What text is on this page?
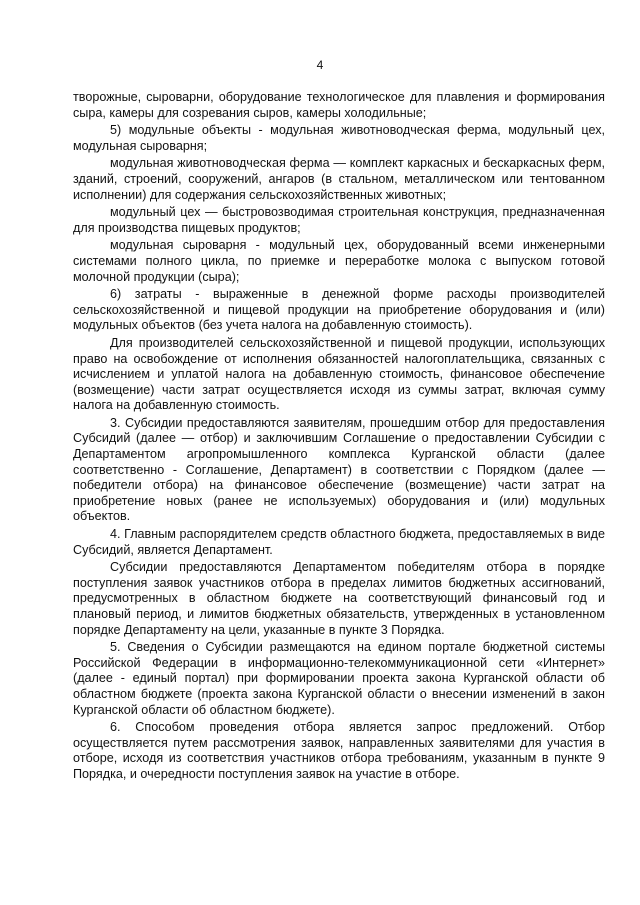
4

творожные, сыроварни, оборудование технологическое для плавления и формирования сыра, камеры для созревания сыров, камеры холодильные;

5) модульные объекты - модульная животноводческая ферма, модульный цех, модульная сыроварня;

модульная животноводческая ферма — комплект каркасных и бескаркасных ферм, зданий, строений, сооружений, ангаров (в стальном, металлическом или тентованном исполнении) для содержания сельскохозяйственных животных;

модульный цех — быстровозводимая строительная конструкция, предназначенная для производства пищевых продуктов;

модульная сыроварня - модульный цех, оборудованный всеми инженерными системами полного цикла, по приемке и переработке молока с выпуском готовой молочной продукции (сыра);

6) затраты - выраженные в денежной форме расходы производителей сельскохозяйственной и пищевой продукции на приобретение оборудования и (или) модульных объектов (без учета налога на добавленную стоимость).

Для производителей сельскохозяйственной и пищевой продукции, использующих право на освобождение от исполнения обязанностей налогоплательщика, связанных с исчислением и уплатой налога на добавленную стоимость, финансовое обеспечение (возмещение) части затрат осуществляется исходя из суммы затрат, включая сумму налога на добавленную стоимость.

3. Субсидии предоставляются заявителям, прошедшим отбор для предоставления Субсидий (далее — отбор) и заключившим Соглашение о предоставлении Субсидии с Департаментом агропромышленного комплекса Курганской области (далее соответственно - Соглашение, Департамент) в соответствии с Порядком (далее — победители отбора) на финансовое обеспечение (возмещение) части затрат на приобретение новых (ранее не используемых) оборудования и (или) модульных объектов.

4. Главным распорядителем средств областного бюджета, предоставляемых в виде Субсидий, является Департамент.

Субсидии предоставляются Департаментом победителям отбора в порядке поступления заявок участников отбора в пределах лимитов бюджетных ассигнований, предусмотренных в областном бюджете на соответствующий финансовый год и плановый период, и лимитов бюджетных обязательств, утвержденных в установленном порядке Департаменту на цели, указанные в пункте 3 Порядка.

5. Сведения о Субсидии размещаются на едином портале бюджетной системы Российской Федерации в информационно-телекоммуникационной сети «Интернет» (далее - единый портал) при формировании проекта закона Курганской области об областном бюджете (проекта закона Курганской области о внесении изменений в закон Курганской области об областном бюджете).

6. Способом проведения отбора является запрос предложений. Отбор осуществляется путем рассмотрения заявок, направленных заявителями для участия в отборе, исходя из соответствия участников отбора требованиям, указанным в пункте 9 Порядка, и очередности поступления заявок на участие в отборе.
